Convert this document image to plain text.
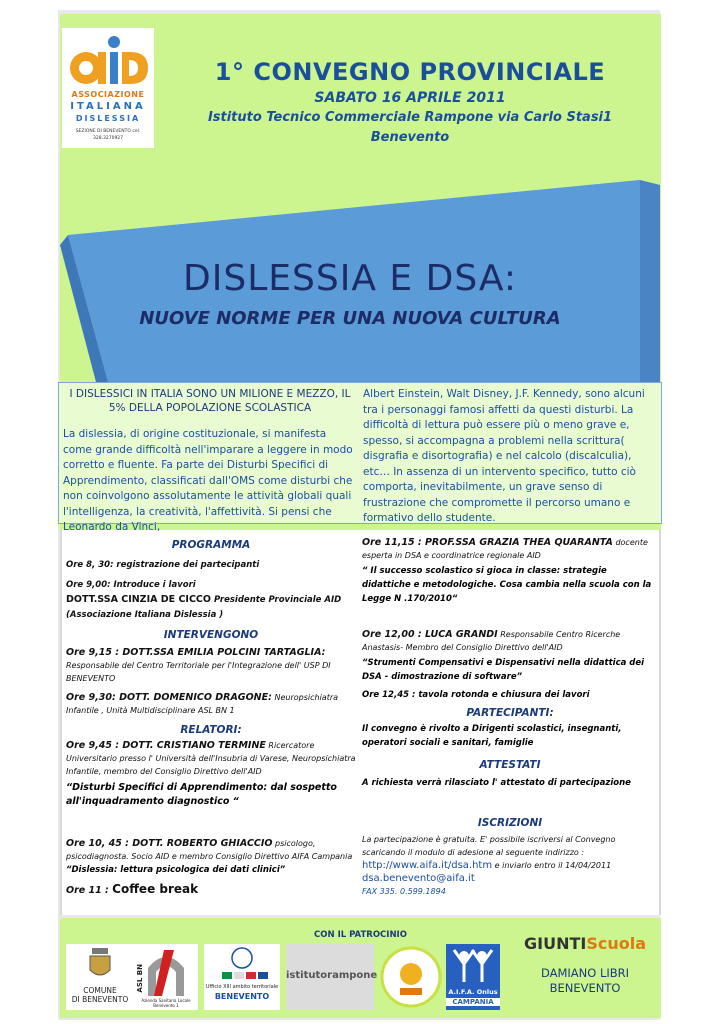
ASSOCIAZIONE
ITALIANA
DISLESSIA
SEZIONE DI BENEVENTO cel.
328.3270927
1° CONVEGNO PROVINCIALE
SABATO 16 APRILE 2011
Istituto Tecnico Commerciale Rampone via Carlo Stasi1
Benevento
DISLESSIA E DSA:
NUOVE NORME PER UNA NUOVA CULTURA
I DISLESSICI IN ITALIA SONO UN MILIONE E MEZZO, IL 5% DELLA POPOLAZIONE SCOLASTICA
La dislessia, di origine costituzionale, si manifesta come grande difficoltà nell'imparare a leggere in modo corretto e fluente. Fa parte dei Disturbi Specifici di Apprendimento, classificati dall'OMS come disturbi che non coinvolgono assolutamente le attività globali quali l'intelligenza, la creatività, l'affettività. Si pensi che Leonardo da Vinci,
Albert Einstein, Walt Disney, J.F. Kennedy, sono alcuni tra i personaggi famosi affetti da questi disturbi. La difficoltà di lettura può essere più o meno grave e, spesso, si accompagna a problemi nella scrittura( disgrafia e disortografia) e nel calcolo (discalculia), etc… In assenza di un intervento specifico, tutto ciò comporta, inevitabilmente, un grave senso di frustrazione che compromette il percorso umano e formativo dello studente.
PROGRAMMA
Ore 8, 30: registrazione dei partecipanti
Ore 9,00: Introduce i lavori
DOTT.SSA CINZIA DE CICCO Presidente Provinciale AID
(Associazione Italiana Dislessia )
INTERVENGONO
Ore 9,15 : DOTT.SSA EMILIA POLCINI TARTAGLIA: Responsabile del Centro Territoriale per l'Integrazione dell' USP DI BENEVENTO
Ore 9,30: DOTT. DOMENICO DRAGONE: Neuropsichiatra Infantile , Unità Multidisciplinare ASL BN 1
RELATORI:
Ore 9,45 : DOTT. CRISTIANO TERMINE Ricercatore Universitario presso l' Università dell'Insubria di Varese, Neuropsichiatra Infantile, membro del Consiglio Direttivo dell'AID
“Disturbi Specifici di Apprendimento: dal sospetto all'inquadramento diagnostico “
Ore 10, 45 : DOTT. ROBERTO GHIACCIO psicologo, psicodiagnosta. Socio AID e membro Consiglio Direttivo AIFA Campania
“Dislessia: lettura psicologica dei dati clinici”
Ore 11 : Coffee break
Ore 11,15 : PROF.SSA GRAZIA THEA QUARANTA docente esperta in DSA e coordinatrice regionale AID
“ Il successo scolastico si gioca in classe: strategie didattiche e metodologiche. Cosa cambia nella scuola con la Legge N .170/2010“
Ore 12,00 : LUCA GRANDI Responsabile Centro Ricerche Anastasis- Membro del Consiglio Direttivo dell'AID
“Strumenti Compensativi e Dispensativi nella didattica dei DSA - dimostrazione di software”
Ore 12,45 : tavola rotonda e chiusura dei lavori
PARTECIPANTI:
Il convegno è rivolto a Dirigenti scolastici, insegnanti, operatori sociali e sanitari, famiglie
ATTESTATI
A richiesta verrà rilasciato l' attestato di partecipazione
ISCRIZIONI
La partecipazione è gratuita. E' possibile iscriversi al Convegno scaricando il modulo di adesione al seguente indirizzo : http://www.aifa.it/dsa.htm e inviarlo entro il 14/04/2011 dsa.benevento@aifa.it
FAX 335. 0.599.1894
CON IL PATROCINIO
COMUNE
DI BENEVENTO
ASL BN
Azienda Sanitaria Locale Benevento 1
Ufficio XIII ambito territoriale
BENEVENTO
istitutorampone
A.I.F.A. Onlus
CAMPANIA
GIUNTIScuola
DAMIANO LIBRI
BENEVENTO
